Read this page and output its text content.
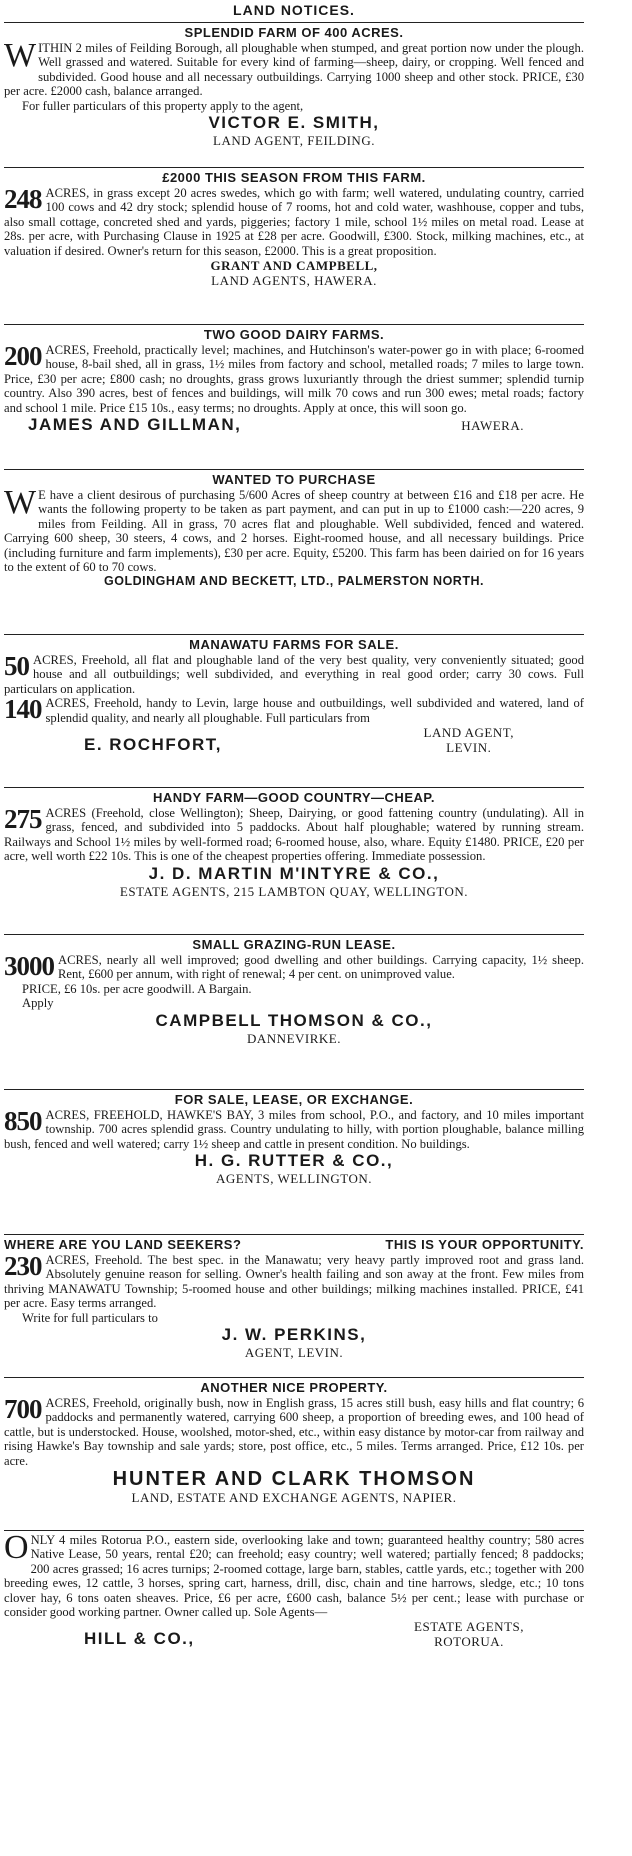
LAND NOTICES.
SPLENDID FARM OF 400 ACRES.
WITHIN 2 miles of Feilding Borough, all ploughable when stumped, and great portion now under the plough. Well grassed and watered. Suitable for every kind of farming—sheep, dairy, or cropping. Well fenced and subdivided. Good house and all necessary outbuildings. Carrying 1000 sheep and other stock. PRICE, £30 per acre. £2000 cash, balance arranged.
For fuller particulars of this property apply to the agent,
VICTOR E. SMITH,
LAND AGENT, FEILDING.
£2000 THIS SEASON FROM THIS FARM.
248 ACRES, in grass except 20 acres swedes, which go with farm; well watered, undulating country, carried 100 cows and 42 dry stock; splendid house of 7 rooms, hot and cold water, washhouse, copper and tubs, also small cottage, concreted shed and yards, piggeries; factory 1 mile, school 1½ miles on metal road. Lease at 28s. per acre, with Purchasing Clause in 1925 at £28 per acre. Goodwill, £300. Stock, milking machines, etc., at valuation if desired. Owner's return for this season, £2000. This is a great proposition.
GRANT AND CAMPBELL,
LAND AGENTS, HAWERA.
TWO GOOD DAIRY FARMS.
200 ACRES, Freehold, practically level; machines, and Hutchinson's water-power go in with place; 6-roomed house, 8-bail shed, all in grass, 1½ miles from factory and school, metalled roads; 7 miles to large town. Price, £30 per acre; £800 cash; no droughts, grass grows luxuriantly through the driest summer; splendid turnip country. Also 390 acres, best of fences and buildings, will milk 70 cows and run 300 ewes; metal roads; factory and school 1 mile. Price £15 10s., easy terms; no droughts. Apply at once, this will soon go.
JAMES AND GILLMAN,	HAWERA.
WANTED TO PURCHASE
W E have a client desirous of purchasing 5/600 Acres of sheep country at between £16 and £18 per acre. He wants the following property to be taken as part payment, and can put in up to £1000 cash:—220 acres, 9 miles from Feilding. All in grass, 70 acres flat and ploughable. Well subdivided, fenced and watered. Carrying 600 sheep, 30 steers, 4 cows, and 2 horses. Eight-roomed house, and all necessary buildings. Price (including furniture and farm implements), £30 per acre. Equity, £5200. This farm has been dairied on for 16 years to the extent of 60 to 70 cows.
GOLDINGHAM AND BECKETT, LTD., PALMERSTON NORTH.
MANAWATU FARMS FOR SALE.
50 ACRES, Freehold, all flat and ploughable land of the very best quality, very conveniently situated; good house and all outbuildings; well subdivided, and everything in real good order; carry 30 cows. Full particulars on application.
140 ACRES, Freehold, handy to Levin, large house and outbuildings, well subdivided and watered, land of splendid quality, and nearly all ploughable. Full particulars from
E. ROCHFORT,
LAND AGENT,
LEVIN.
HANDY FARM—GOOD COUNTRY—CHEAP.
275 ACRES (Freehold, close Wellington); Sheep, Dairying, or good fattening country (undulating). All in grass, fenced, and subdivided into 5 paddocks. About half ploughable; watered by running stream. Railways and School 1½ miles by well-formed road; 6-roomed house, also, whare. Equity £1480. PRICE, £20 per acre, well worth £22 10s. This is one of the cheapest properties offering. Immediate possession.
J. D. MARTIN M'INTYRE & CO.,
ESTATE AGENTS, 215 LAMBTON QUAY, WELLINGTON.
SMALL GRAZING-RUN LEASE.
3000 ACRES, nearly all well improved; good dwelling and other buildings. Carrying capacity, 1½ sheep. Rent, £600 per annum, with right of renewal; 4 per cent. on unimproved value.
PRICE, £6 10s. per acre goodwill. A Bargain.
Apply
CAMPBELL THOMSON & CO.,
DANNEVIRKE.
FOR SALE, LEASE, OR EXCHANGE.
850 ACRES, FREEHOLD, HAWKE'S BAY, 3 miles from school, P.O., and factory, and 10 miles important township. 700 acres splendid grass. Country undulating to hilly, with portion ploughable, balance milling bush, fenced and well watered; carry 1½ sheep and cattle in present condition. No buildings.
H. G. RUTTER & CO.,
AGENTS, WELLINGTON.
WHERE ARE YOU LAND SEEKERS?	THIS IS YOUR OPPORTUNITY.
230 ACRES, Freehold. The best spec. in the Manawatu; very heavy partly improved root and grass land. Absolutely genuine reason for selling. Owner's health failing and son away at the front. Few miles from thriving MANAWATU Township; 5-roomed house and other buildings; milking machines installed. PRICE, £41 per acre. Easy terms arranged.
Write for full particulars to
J. W. PERKINS,
AGENT, LEVIN.
ANOTHER NICE PROPERTY.
700 ACRES, Freehold, originally bush, now in English grass, 15 acres still bush, easy hills and flat country; 6 paddocks and permanently watered, carrying 600 sheep, a proportion of breeding ewes, and 100 head of cattle, but is understocked. House, woolshed, motor-shed, etc., within easy distance by motor-car from railway and rising Hawke's Bay township and sale yards; store, post office, etc., 5 miles. Terms arranged. Price, £12 10s. per acre.
HUNTER AND CLARK THOMSON
LAND, ESTATE AND EXCHANGE AGENTS, NAPIER.
ONLY 4 miles Rotorua P.O., eastern side, overlooking lake and town; guaranteed healthy country; 580 acres Native Lease, 50 years, rental £20; can freehold; easy country; well watered; partially fenced; 8 paddocks; 200 acres grassed; 16 acres turnips; 2-roomed cottage, large barn, stables, cattle yards, etc.; together with 200 breeding ewes, 12 cattle, 3 horses, spring cart, harness, drill, disc, chain and tine harrows, sledge, etc.; 10 tons clover hay, 6 tons oaten sheaves. Price, £6 per acre, £600 cash, balance 5½ per cent.; lease with purchase or consider good working partner. Owner called up. Sole Agents—
HILL & CO.,
ESTATE AGENTS,
ROTORUA.
